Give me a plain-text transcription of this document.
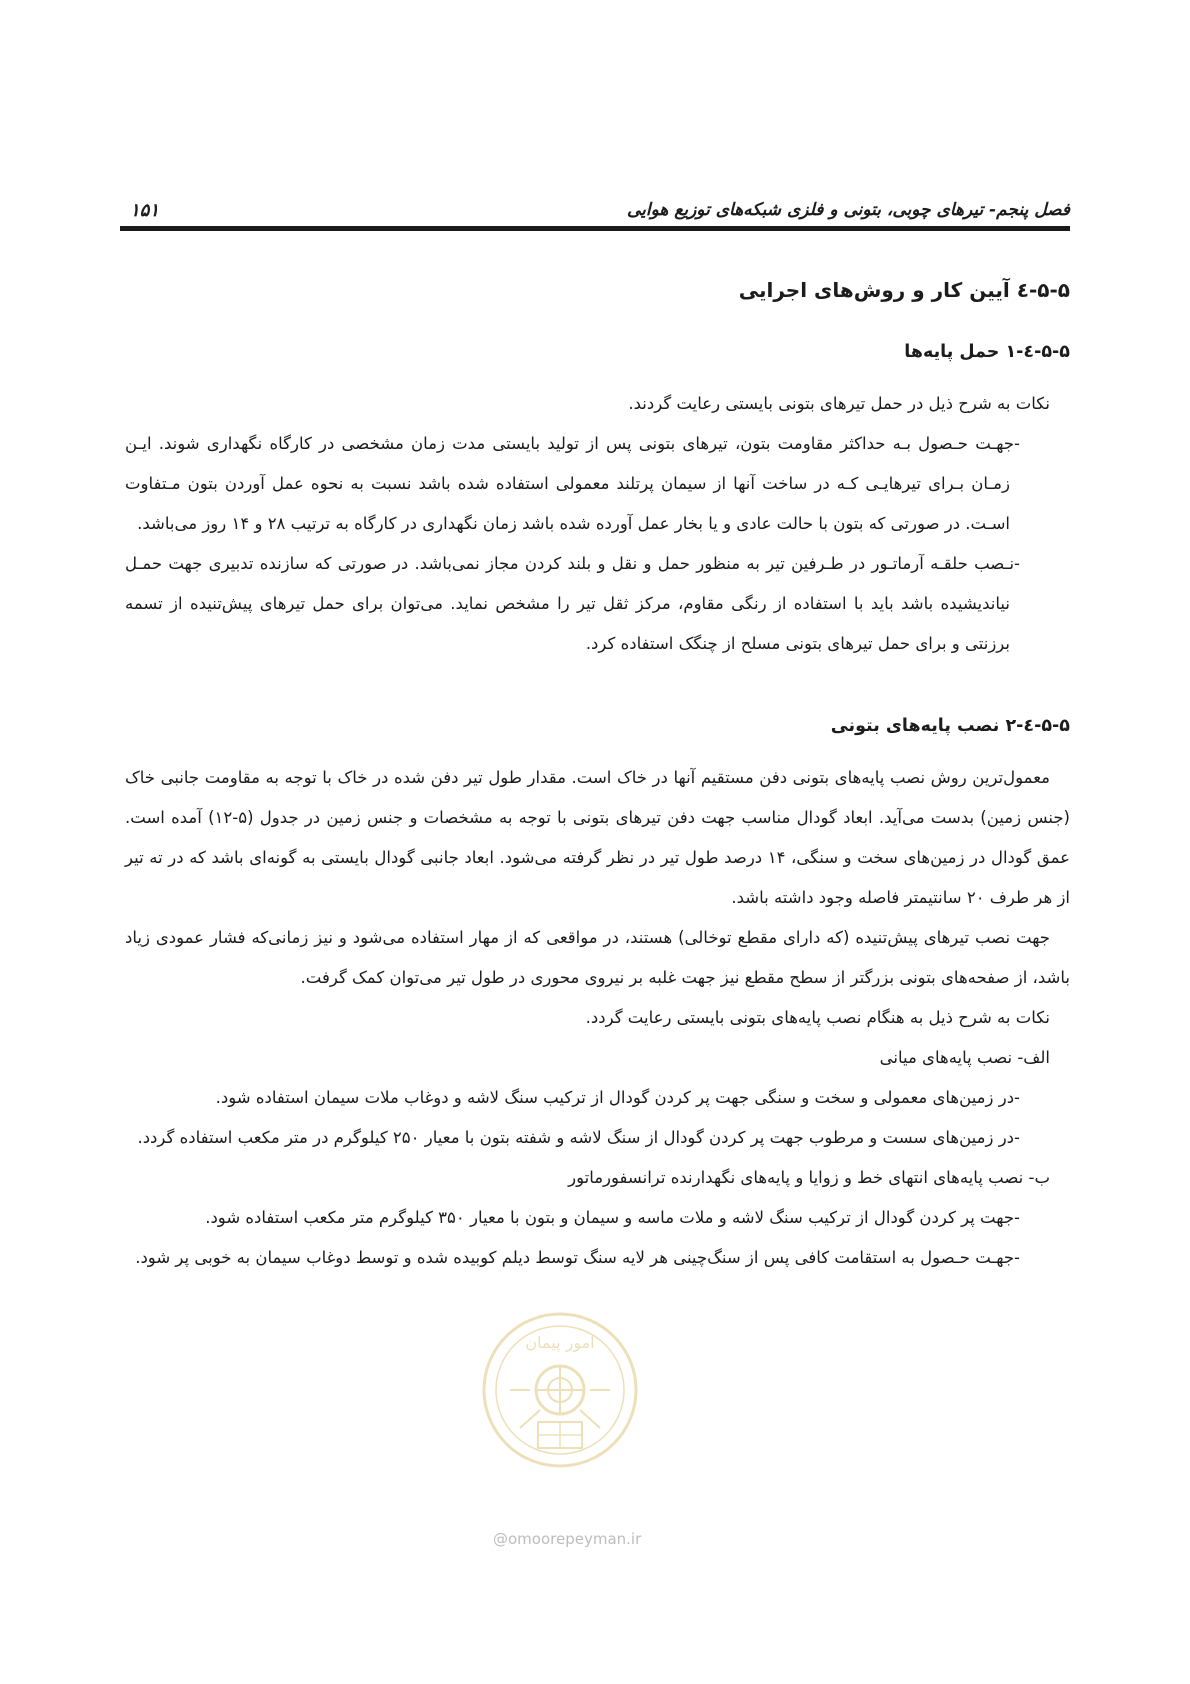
فصل پنجم- تیرهای چوبی، بتونی و فلزی شبکه‌های توزیع هوایی
۱۵۱

۵-۵-٤ آیین کار و روش‌های اجرایی

۵-۵-٤-۱ حمل پایه‌ها

نکات به شرح ذیل در حمل تیرهای بتونی بایستی رعایت گردند.

-جهـت حـصول بـه حداکثر مقاومت بتون، تیرهای بتونی پس از تولید بایستی مدت زمان مشخصی در کارگاه نگهداری شوند. ایـن زمـان بـرای تیرهایـی کـه در ساخت آنها از سیمان پرتلند معمولی استفاده شده باشد نسبت به نحوه عمل آوردن بتون مـتفاوت اسـت. در صورتی که بتون با حالت عادی و یا بخار عمل آورده شده باشد زمان نگهداری در کارگاه به ترتیب ۲۸ و ۱۴ روز می‌باشد.

-نـصب حلقـه آرماتـور در طـرفین تیر به منظور حمل و نقل و بلند کردن مجاز نمی‌باشد. در صورتی که سازنده تدبیری جهت حمـل نیاندیشیده باشد باید با استفاده از رنگی مقاوم، مرکز ثقل تیر را مشخص نماید. می‌توان برای حمل تیرهای پیش‌تنیده از تسمه برزنتی و برای حمل تیرهای بتونی مسلح از چنگک استفاده کرد.

۵-۵-٤-۲ نصب پایه‌های بتونی

معمول‌ترین روش نصب پایه‌های بتونی دفن مستقیم آنها در خاک است. مقدار طول تیر دفن شده در خاک با توجه به مقاومت جانبی خاک (جنس زمین) بدست می‌آید. ابعاد گودال مناسب جهت دفن تیرهای بتونی با توجه به مشخصات و جنس زمین در جدول (۵-۱۲) آمده است. عمق گودال در زمین‌های سخت و سنگی، ۱۴ درصد طول تیر در نظر گرفته می‌شود. ابعاد جانبی گودال بایستی به گونه‌ای باشد که در ته تیر از هر طرف ۲۰ سانتیمتر فاصله وجود داشته باشد.

جهت نصب تیرهای پیش‌تنیده (که دارای مقطع توخالی) هستند، در مواقعی که از مهار استفاده می‌شود و نیز زمانی‌که فشار عمودی زیاد باشد، از صفحه‌های بتونی بزرگتر از سطح مقطع نیز جهت غلبه بر نیروی محوری در طول تیر می‌توان کمک گرفت.

نکات به شرح ذیل به هنگام نصب پایه‌های بتونی بایستی رعایت گردد.

الف- نصب پایه‌های میانی

-در زمین‌های معمولی و سخت و سنگی جهت پر کردن گودال از ترکیب سنگ لاشه و دوغاب ملات سیمان استفاده شود.

-در زمین‌های سست و مرطوب جهت پر کردن گودال از سنگ لاشه و شفته بتون با معیار ۲۵۰ کیلوگرم در متر مکعب استفاده گردد.

ب- نصب پایه‌های انتهای خط و زوایا و پایه‌های نگهدارنده ترانسفورماتور

-جهت پر کردن گودال از ترکیب سنگ لاشه و ملات ماسه و سیمان و بتون با معیار ۳۵۰ کیلوگرم متر مکعب استفاده شود.

-جهـت حـصول به استقامت کافی پس از سنگ‌چینی هر لایه سنگ توسط دیلم کوبیده شده و توسط دوغاب سیمان به خوبی پر شود.

امور پیمان
@omoorepeyman.ir
